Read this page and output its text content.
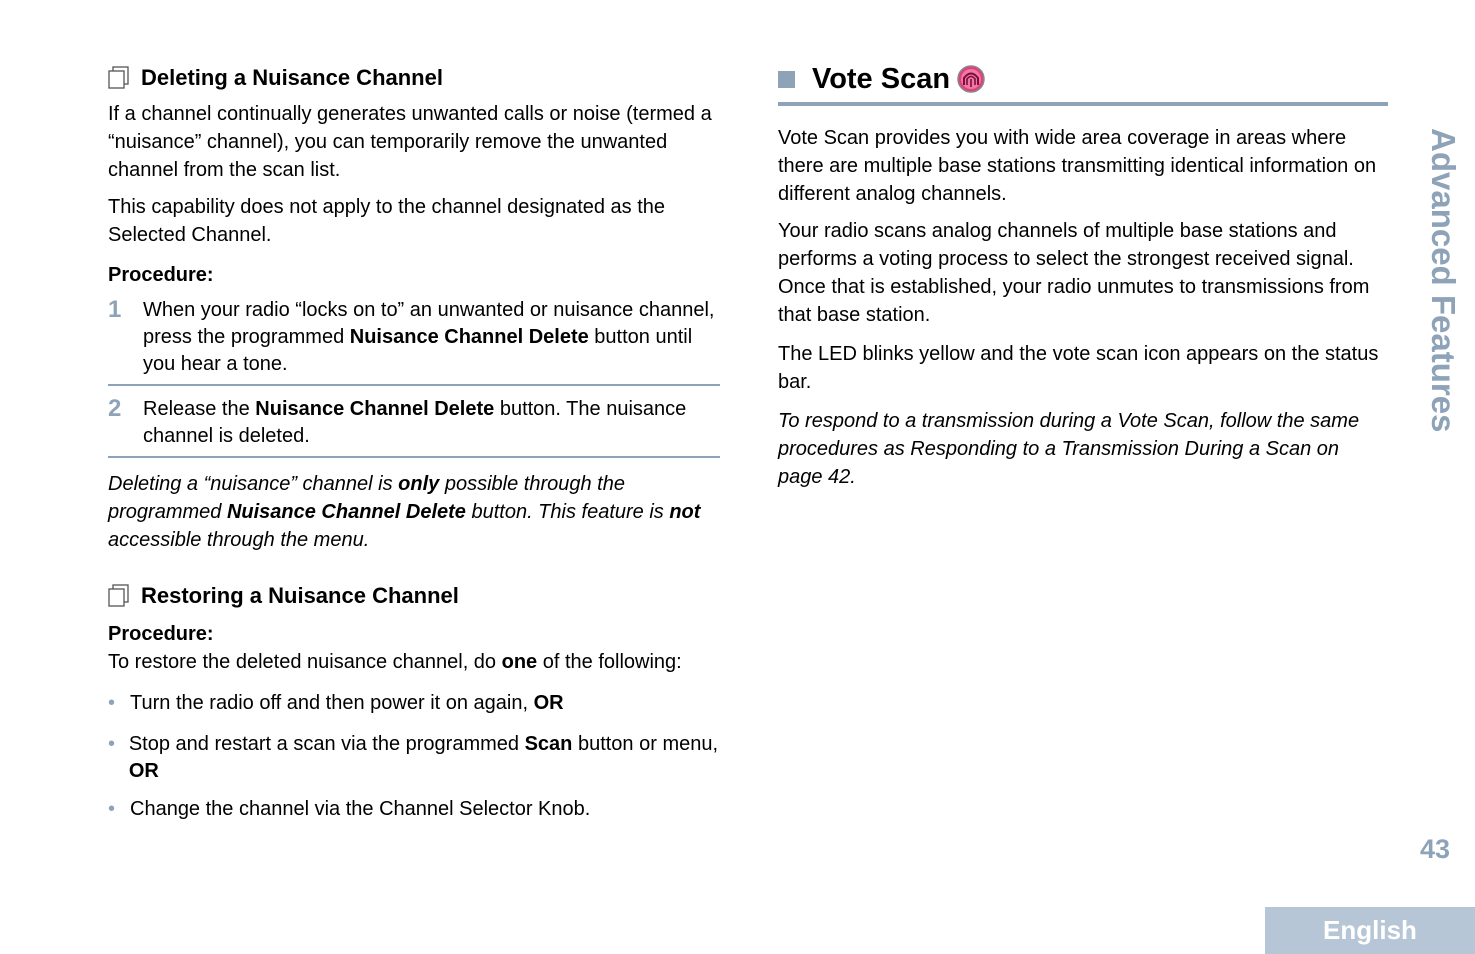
Deleting a Nuisance Channel

If a channel continually generates unwanted calls or noise (termed a “nuisance” channel), you can temporarily remove the unwanted channel from the scan list.

This capability does not apply to the channel designated as the Selected Channel.

Procedure:

1	When your radio “locks on to” an unwanted or nuisance channel, press the programmed Nuisance Channel Delete button until you hear a tone.
2	Release the Nuisance Channel Delete button. The nuisance channel is deleted.

Deleting a “nuisance” channel is only possible through the programmed Nuisance Channel Delete button. This feature is not accessible through the menu.

Restoring a Nuisance Channel

Procedure:

To restore the deleted nuisance channel, do one of the following:

• Turn the radio off and then power it on again, OR
• Stop and restart a scan via the programmed Scan button or menu, OR
• Change the channel via the Channel Selector Knob.
Vote Scan

Vote Scan provides you with wide area coverage in areas where there are multiple base stations transmitting identical information on different analog channels.

Your radio scans analog channels of multiple base stations and performs a voting process to select the strongest received signal. Once that is established, your radio unmutes to transmissions from that base station.

The LED blinks yellow and the vote scan icon appears on the status bar.

To respond to a transmission during a Vote Scan, follow the same procedures as Responding to a Transmission During a Scan on page 42.

Advanced Features
43
English
